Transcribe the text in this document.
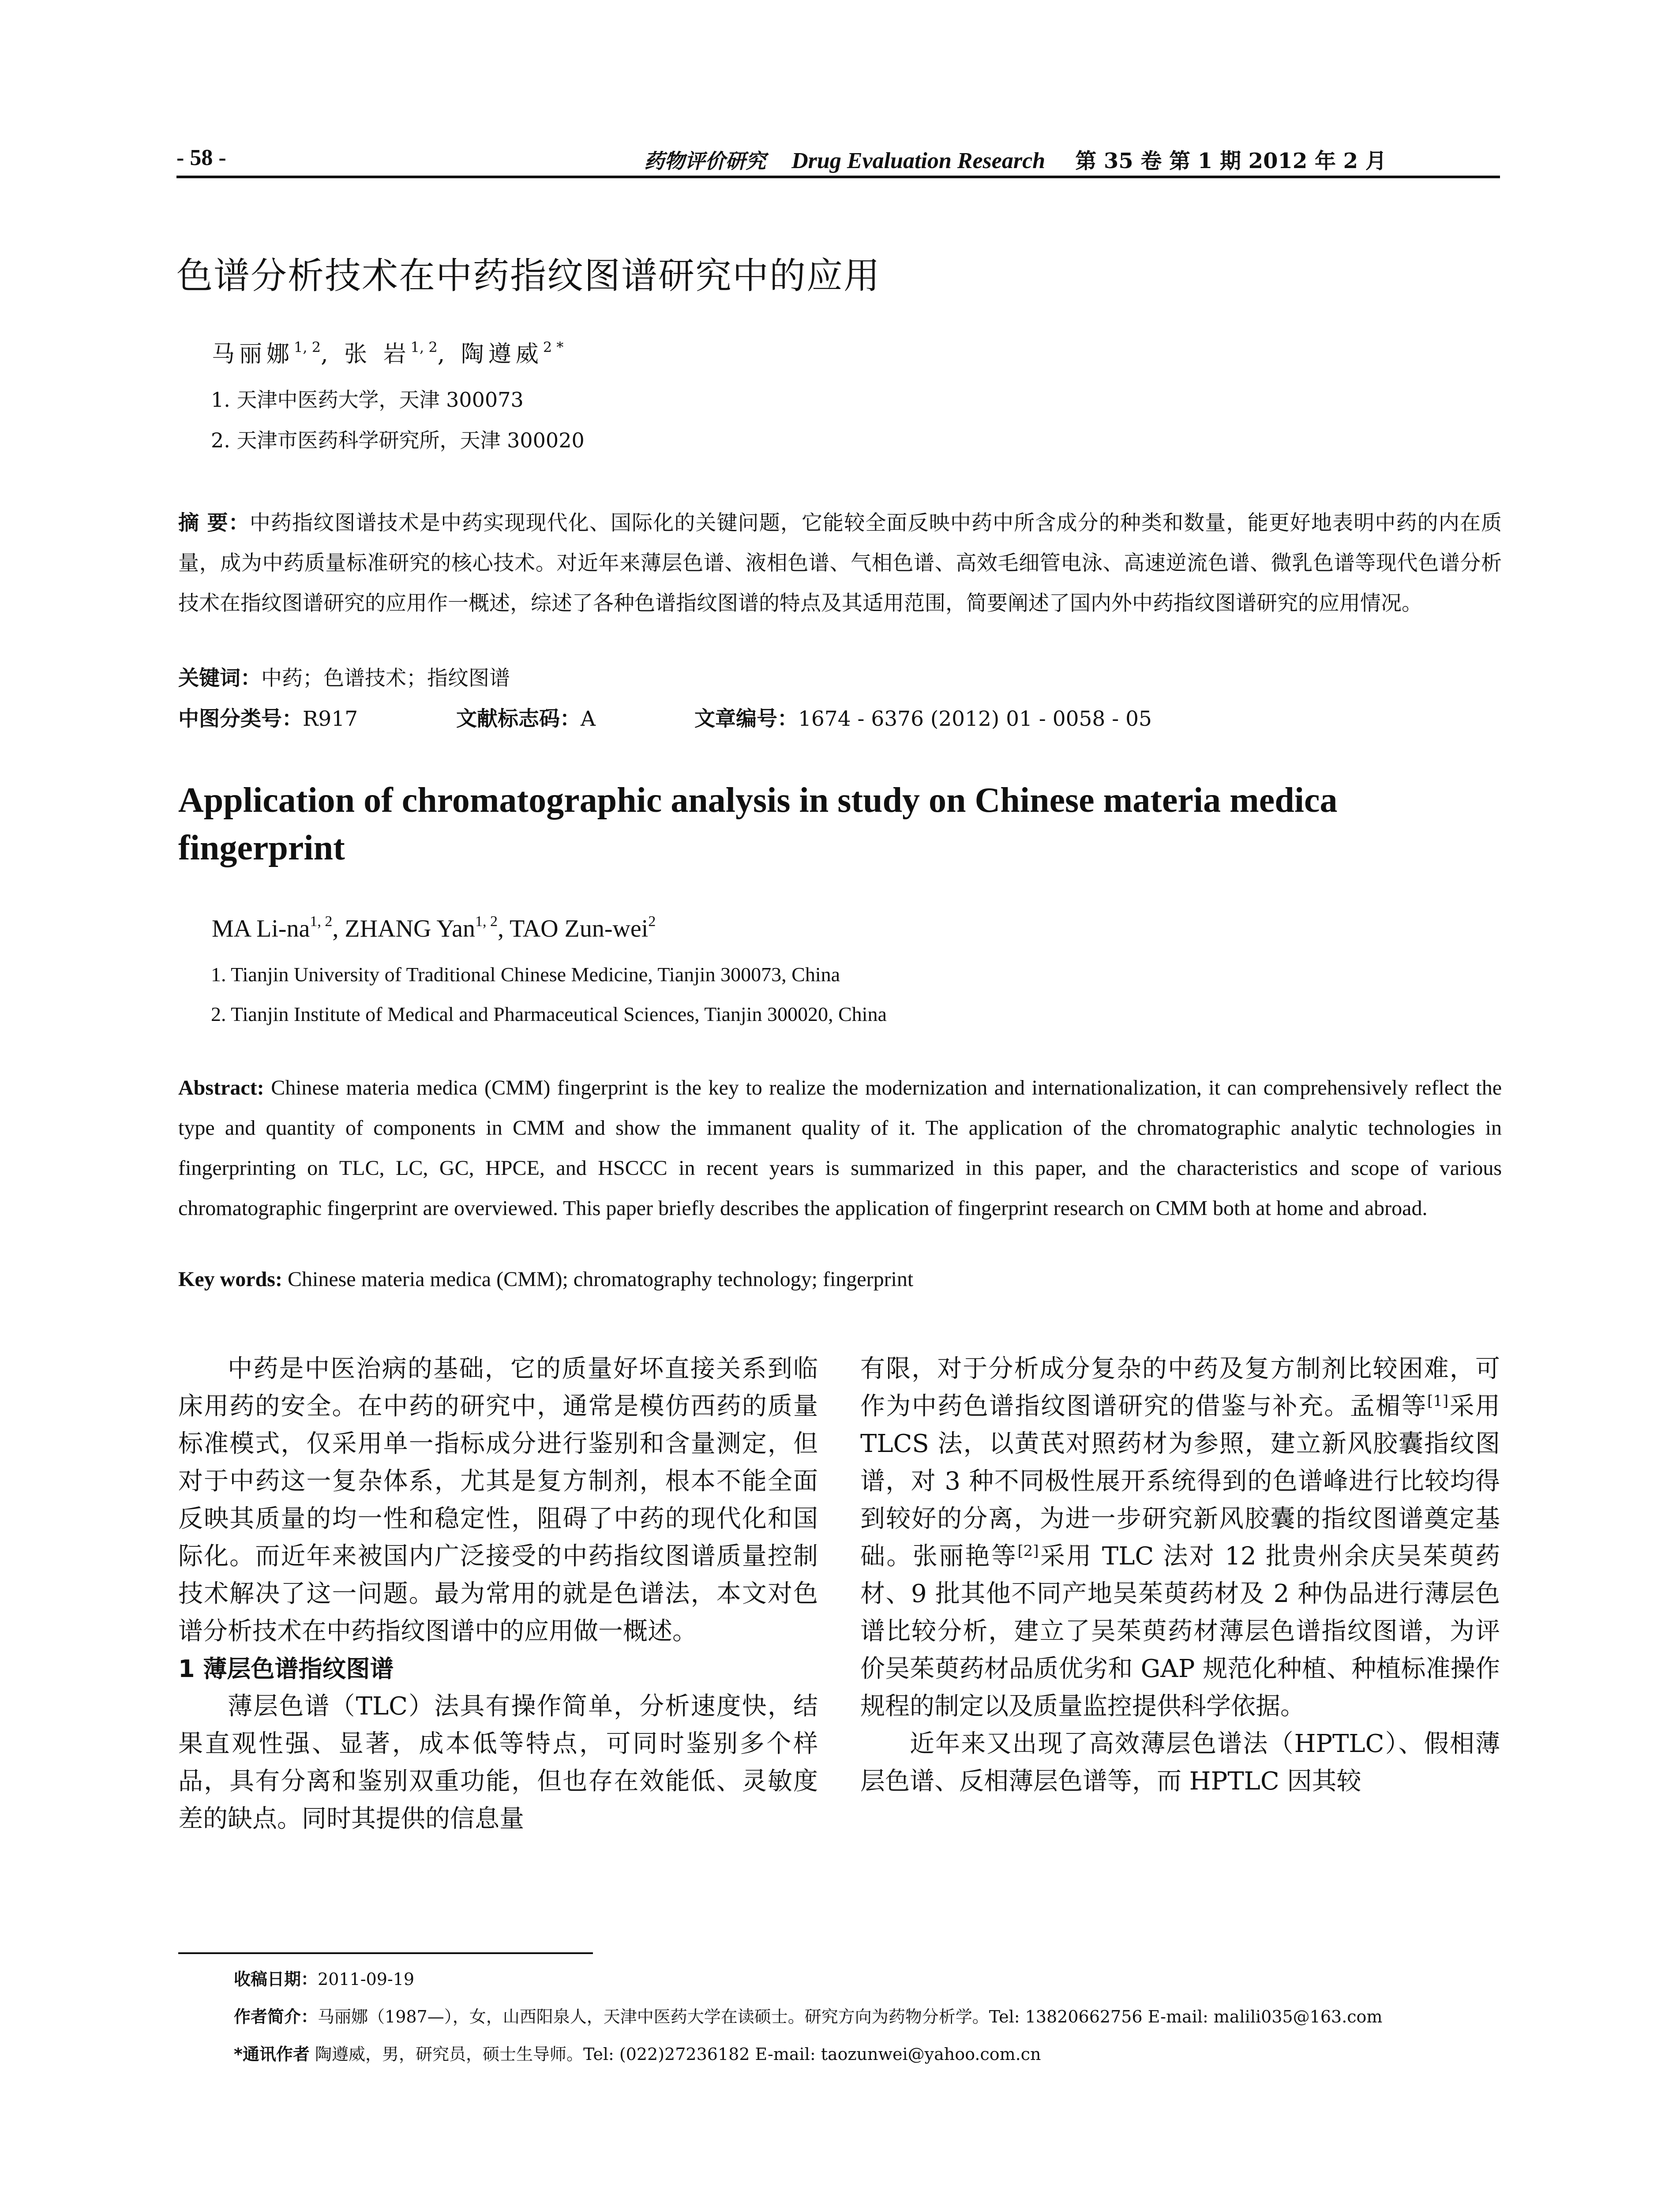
- 58 -	药物评价研究 Drug Evaluation Research 第 35 卷 第 1 期 2012 年 2 月
色谱分析技术在中药指纹图谱研究中的应用
马丽娜$^{1, 2}$, 张 岩$^{1, 2}$, 陶遵威$^{2 *}$
1. 天津中医药大学，天津 300073
2. 天津市医药科学研究所，天津 300020
摘 要：中药指纹图谱技术是中药实现现代化、国际化的关键问题，它能较全面反映中药中所含成分的种类和数量，能更好地表明中药的内在质量，成为中药质量标准研究的核心技术。对近年来薄层色谱、液相色谱、气相色谱、高效毛细管电泳、高速逆流色谱、微乳色谱等现代色谱分析技术在指纹图谱研究的应用作一概述，综述了各种色谱指纹图谱的特点及其适用范围，简要阐述了国内外中药指纹图谱研究的应用情况。
关键词：中药；色谱技术；指纹图谱
中图分类号：R917	文献标志码：A	文章编号：1674 - 6376 (2012) 01 - 0058 - 05
Application of chromatographic analysis in study on Chinese materia medica fingerprint
MA Li-na$^{1, 2}$, ZHANG Yan$^{1, 2}$, TAO Zun-wei$^2$
1. Tianjin University of Traditional Chinese Medicine, Tianjin 300073, China
2. Tianjin Institute of Medical and Pharmaceutical Sciences, Tianjin 300020, China
Abstract: Chinese materia medica (CMM) fingerprint is the key to realize the modernization and internationalization, it can comprehensively reflect the type and quantity of components in CMM and show the immanent quality of it. The application of the chromatographic analytic technologies in fingerprinting on TLC, LC, GC, HPCE, and HSCCC in recent years is summarized in this paper, and the characteristics and scope of various chromatographic fingerprint are overviewed. This paper briefly describes the application of fingerprint research on CMM both at home and abroad.
Key words: Chinese materia medica (CMM); chromatography technology; fingerprint

中药是中医治病的基础，它的质量好坏直接关系到临床用药的安全。在中药的研究中，通常是模仿西药的质量标准模式，仅采用单一指标成分进行鉴别和含量测定，但对于中药这一复杂体系，尤其是复方制剂，根本不能全面反映其质量的均一性和稳定性，阻碍了中药的现代化和国际化。而近年来被国内广泛接受的中药指纹图谱质量控制技术解决了这一问题。最为常用的就是色谱法，本文对色谱分析技术在中药指纹图谱中的应用做一概述。

1 薄层色谱指纹图谱

薄层色谱（TLC）法具有操作简单，分析速度快，结果直观性强、显著，成本低等特点，可同时鉴别多个样品，具有分离和鉴别双重功能，但也存在效能低、灵敏度差的缺点。同时其提供的信息量

有限，对于分析成分复杂的中药及复方制剂比较困难，可作为中药色谱指纹图谱研究的借鉴与补充。孟楣等[1]采用 TLCS 法，以黄芪对照药材为参照，建立新风胶囊指纹图谱，对 3 种不同极性展开系统得到的色谱峰进行比较均得到较好的分离，为进一步研究新风胶囊的指纹图谱奠定基础。张丽艳等[2]采用 TLC 法对 12 批贵州余庆吴茱萸药材、9 批其他不同产地吴茱萸药材及 2 种伪品进行薄层色谱比较分析，建立了吴茱萸药材薄层色谱指纹图谱，为评价吴茱萸药材品质优劣和 GAP 规范化种植、种植标准操作规程的制定以及质量监控提供科学依据。

近年来又出现了高效薄层色谱法（HPTLC）、假相薄层色谱、反相薄层色谱等，而 HPTLC 因其较

收稿日期：2011-09-19
作者简介：马丽娜（1987—），女，山西阳泉人，天津中医药大学在读硕士。研究方向为药物分析学。Tel: 13820662756 E-mail: malili035@163.com
*通讯作者 陶遵威，男，研究员，硕士生导师。Tel: (022)27236182 E-mail: taozunwei@yahoo.com.cn
